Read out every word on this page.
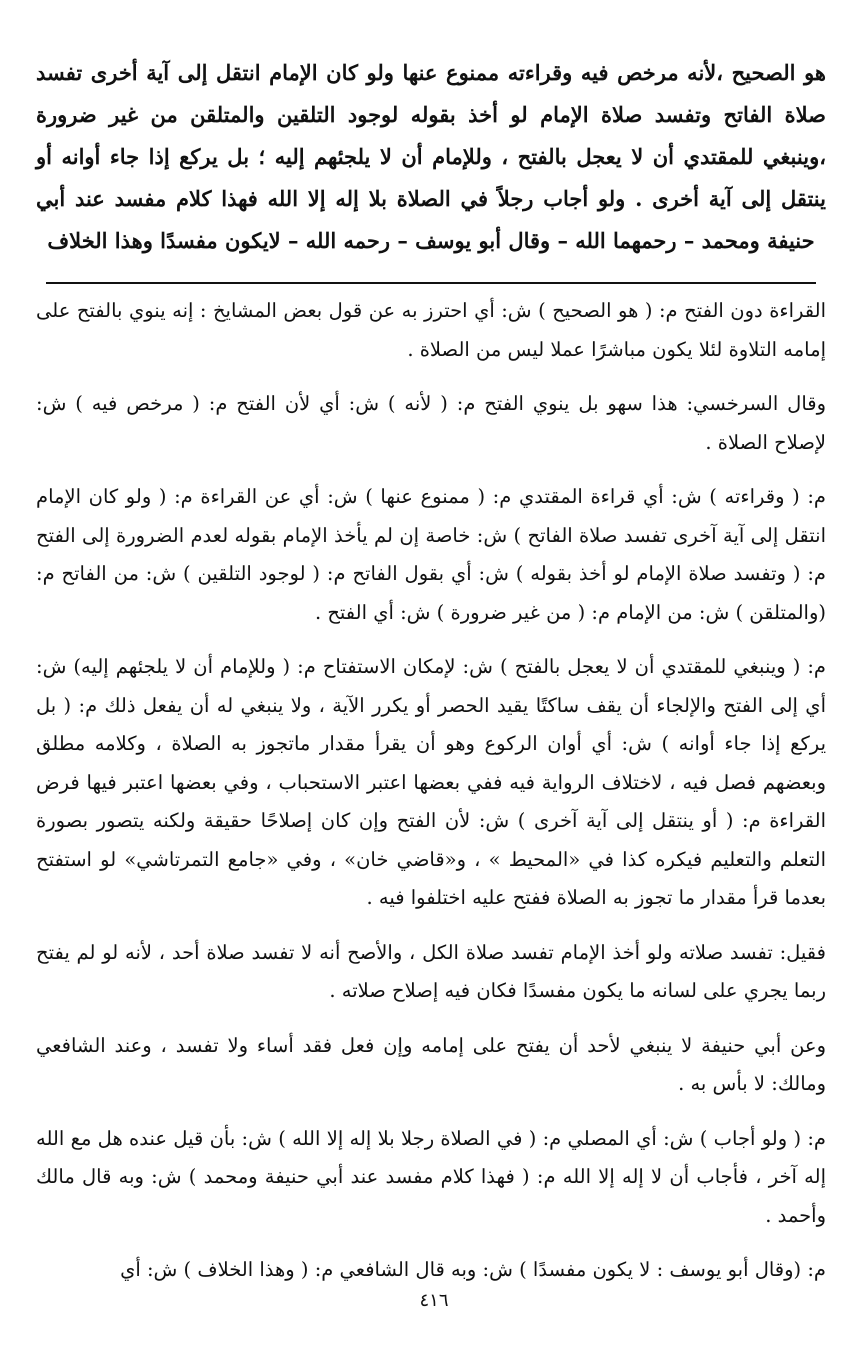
هو الصحيح ،لأنه مرخص فيه وقراءته ممنوع عنها ولو كان الإمام انتقل إلى آية أخرى تفسد صلاة الفاتح وتفسد صلاة الإمام لو أخذ بقوله لوجود التلقين والمتلقن من غير ضرورة ،وينبغي للمقتدي أن لا يعجل بالفتح ، وللإمام أن لا يلجئهم إليه ؛ بل يركع إذا جاء أوانه أو ينتقل إلى آية أخرى . ولو أجاب رجلاً في الصلاة بلا إله إلا الله فهذا كلام مفسد عند أبي حنيفة ومحمد – رحمهما الله – وقال أبو يوسف – رحمه الله – لايكون مفسدًا وهذا الخلاف

القراءة دون الفتح م: ( هو الصحيح ) ش: أي احترز به عن قول بعض المشايخ : إنه ينوي بالفتح على إمامه التلاوة لئلا يكون مباشرًا عملا ليس من الصلاة .

وقال السرخسي: هذا سهو بل ينوي الفتح م: ( لأنه ) ش: أي لأن الفتح م: ( مرخص فيه ) ش: لإصلاح الصلاة .

م: ( وقراءته ) ش: أي قراءة المقتدي م: ( ممنوع عنها ) ش: أي عن القراءة م: ( ولو كان الإمام انتقل إلى آية آخرى تفسد صلاة الفاتح ) ش: خاصة إن لم يأخذ الإمام بقوله لعدم الضرورة إلى الفتح م: ( وتفسد صلاة الإمام لو أخذ بقوله ) ش: أي بقول الفاتح م: ( لوجود التلقين ) ش: من الفاتح م: (والمتلقن ) ش: من الإمام م: ( من غير ضرورة ) ش: أي الفتح .

م: ( وينبغي للمقتدي أن لا يعجل بالفتح ) ش: لإمكان الاستفتاح م: ( وللإمام أن لا يلجئهم إليه) ش: أي إلى الفتح والإلجاء أن يقف ساكتًا يقيد الحصر أو يكرر الآية ، ولا ينبغي له أن يفعل ذلك م: ( بل يركع إذا جاء أوانه ) ش: أي أوان الركوع وهو أن يقرأ مقدار ماتجوز به الصلاة ، وكلامه مطلق وبعضهم فصل فيه ، لاختلاف الرواية فيه ففي بعضها اعتبر الاستحباب ، وفي بعضها اعتبر فيها فرض القراءة م: ( أو ينتقل إلى آية آخرى ) ش: لأن الفتح وإن كان إصلاحًا حقيقة ولكنه يتصور بصورة التعلم والتعليم فيكره كذا في «المحيط » ، و«قاضي خان» ، وفي «جامع التمرتاشي» لو استفتح بعدما قرأ مقدار ما تجوز به الصلاة ففتح عليه اختلفوا فيه .

فقيل: تفسد صلاته ولو أخذ الإمام تفسد صلاة الكل ، والأصح أنه لا تفسد صلاة أحد ، لأنه لو لم يفتح ربما يجري على لسانه ما يكون مفسدًا فكان فيه إصلاح صلاته .

وعن أبي حنيفة لا ينبغي لأحد أن يفتح على إمامه وإن فعل فقد أساء ولا تفسد ، وعند الشافعي ومالك: لا بأس به .

م: ( ولو أجاب ) ش: أي المصلي م: ( في الصلاة رجلا بلا إله إلا الله ) ش: بأن قيل عنده هل مع الله إله آخر ، فأجاب أن لا إله إلا الله م: ( فهذا كلام مفسد عند أبي حنيفة ومحمد ) ش: وبه قال مالك وأحمد .

م: (وقال أبو يوسف : لا يكون مفسدًا ) ش: وبه قال الشافعي م: ( وهذا الخلاف ) ش: أي

٤١٦
